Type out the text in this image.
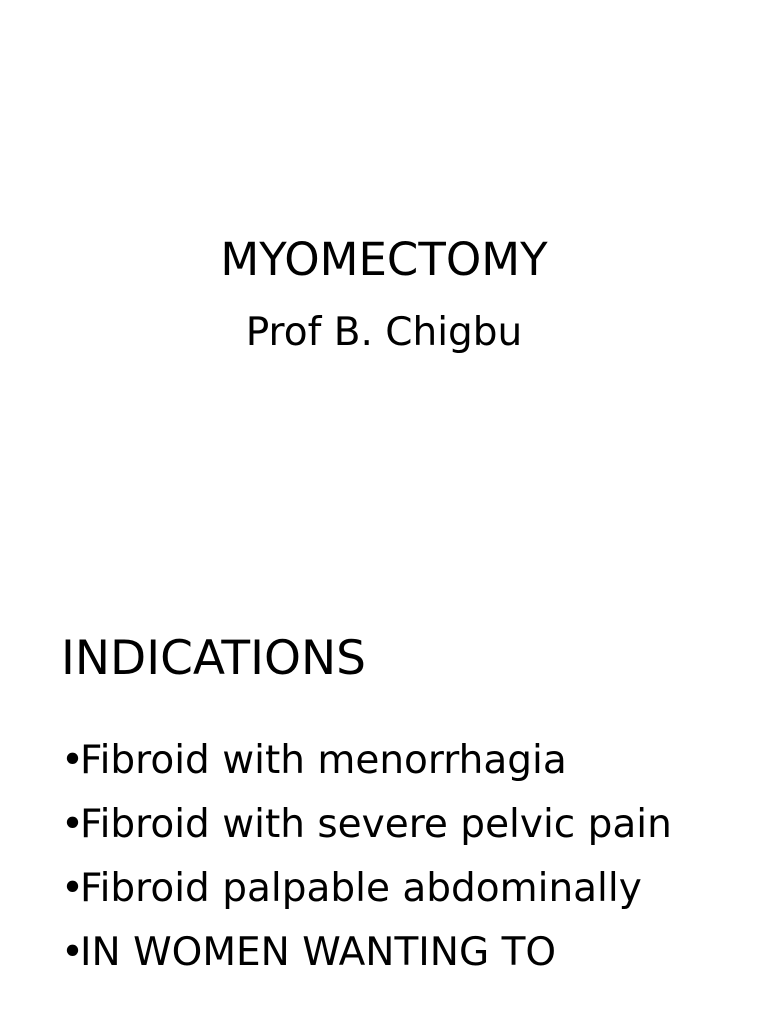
MYOMECTOMY
Prof B. Chigbu
INDICATIONS
•
Fibroid with menorrhagia
•
Fibroid with severe pelvic pain
•
Fibroid palpable abdominally
•
IN WOMEN WANTING TO
